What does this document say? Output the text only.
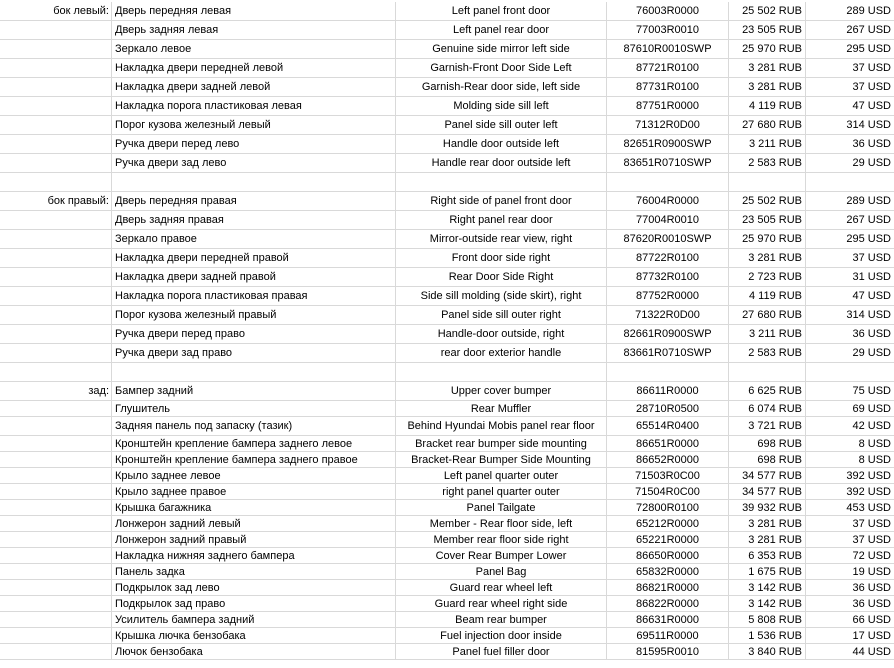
бок левый: Дверь передняя левая	Left panel front door	76003R0000	25 502 RUB	289 USD
Дверь задняя левая	Left panel rear door	77003R0010	23 505 RUB	267 USD
Зеркало левое	Genuine side mirror left side	87610R0010SWP	25 970 RUB	295 USD
Накладка двери передней левой	Garnish-Front Door Side Left	87721R0100	3 281 RUB	37 USD
Накладка двери задней левой	Garnish-Rear door side, left side	87731R0100	3 281 RUB	37 USD
Накладка порога пластиковая левая	Molding side sill left	87751R0000	4 119 RUB	47 USD
Порог кузова железный левый	Panel side sill outer left	71312R0D00	27 680 RUB	314 USD
Ручка двери перед лево	Handle door outside left	82651R0900SWP	3 211 RUB	36 USD
Ручка двери зад лево	Handle rear door outside left	83651R0710SWP	2 583 RUB	29 USD
бок правый: Дверь передняя правая	Right side of panel front door	76004R0000	25 502 RUB	289 USD
Дверь задняя правая	Right panel rear door	77004R0010	23 505 RUB	267 USD
Зеркало правое	Mirror-outside rear view, right	87620R0010SWP	25 970 RUB	295 USD
Накладка двери передней правой	Front door side right	87722R0100	3 281 RUB	37 USD
Накладка двери задней правой	Rear Door Side Right	87732R0100	2 723 RUB	31 USD
Накладка порога пластиковая правая	Side sill molding (side skirt), right	87752R0000	4 119 RUB	47 USD
Порог кузова железный правый	Panel side sill outer right	71322R0D00	27 680 RUB	314 USD
Ручка двери перед право	Handle-door outside, right	82661R0900SWP	3 211 RUB	36 USD
Ручка двери зад право	rear door exterior handle	83661R0710SWP	2 583 RUB	29 USD
зад: Бампер задний	Upper cover bumper	86611R0000	6 625 RUB	75 USD
Глушитель	Rear Muffler	28710R0500	6 074 RUB	69 USD
Задняя панель под запаску (тазик)	Behind Hyundai Mobis panel rear floor	65514R0400	3 721 RUB	42 USD
Кронштейн крепление бампера заднего левое	Bracket rear bumper side mounting	86651R0000	698 RUB	8 USD
Кронштейн крепление бампера заднего правое	Bracket-Rear Bumper Side Mounting	86652R0000	698 RUB	8 USD
Крыло заднее левое	Left panel quarter outer	71503R0C00	34 577 RUB	392 USD
Крыло заднее правое	right panel quarter outer	71504R0C00	34 577 RUB	392 USD
Крышка багажника	Panel Tailgate	72800R0100	39 932 RUB	453 USD
Лонжерон задний левый	Member - Rear floor side, left	65212R0000	3 281 RUB	37 USD
Лонжерон задний правый	Member rear floor side right	65221R0000	3 281 RUB	37 USD
Накладка нижняя заднего бампера	Cover Rear Bumper Lower	86650R0000	6 353 RUB	72 USD
Панель задка	Panel Bag	65832R0000	1 675 RUB	19 USD
Подкрылок зад лево	Guard rear wheel left	86821R0000	3 142 RUB	36 USD
Подкрылок зад право	Guard rear wheel right side	86822R0000	3 142 RUB	36 USD
Усилитель бампера задний	Beam rear bumper	86631R0000	5 808 RUB	66 USD
Крышка лючка бензобака	Fuel injection door inside	69511R0000	1 536 RUB	17 USD
Лючок бензобака	Panel fuel filler door	81595R0010	3 840 RUB	44 USD
